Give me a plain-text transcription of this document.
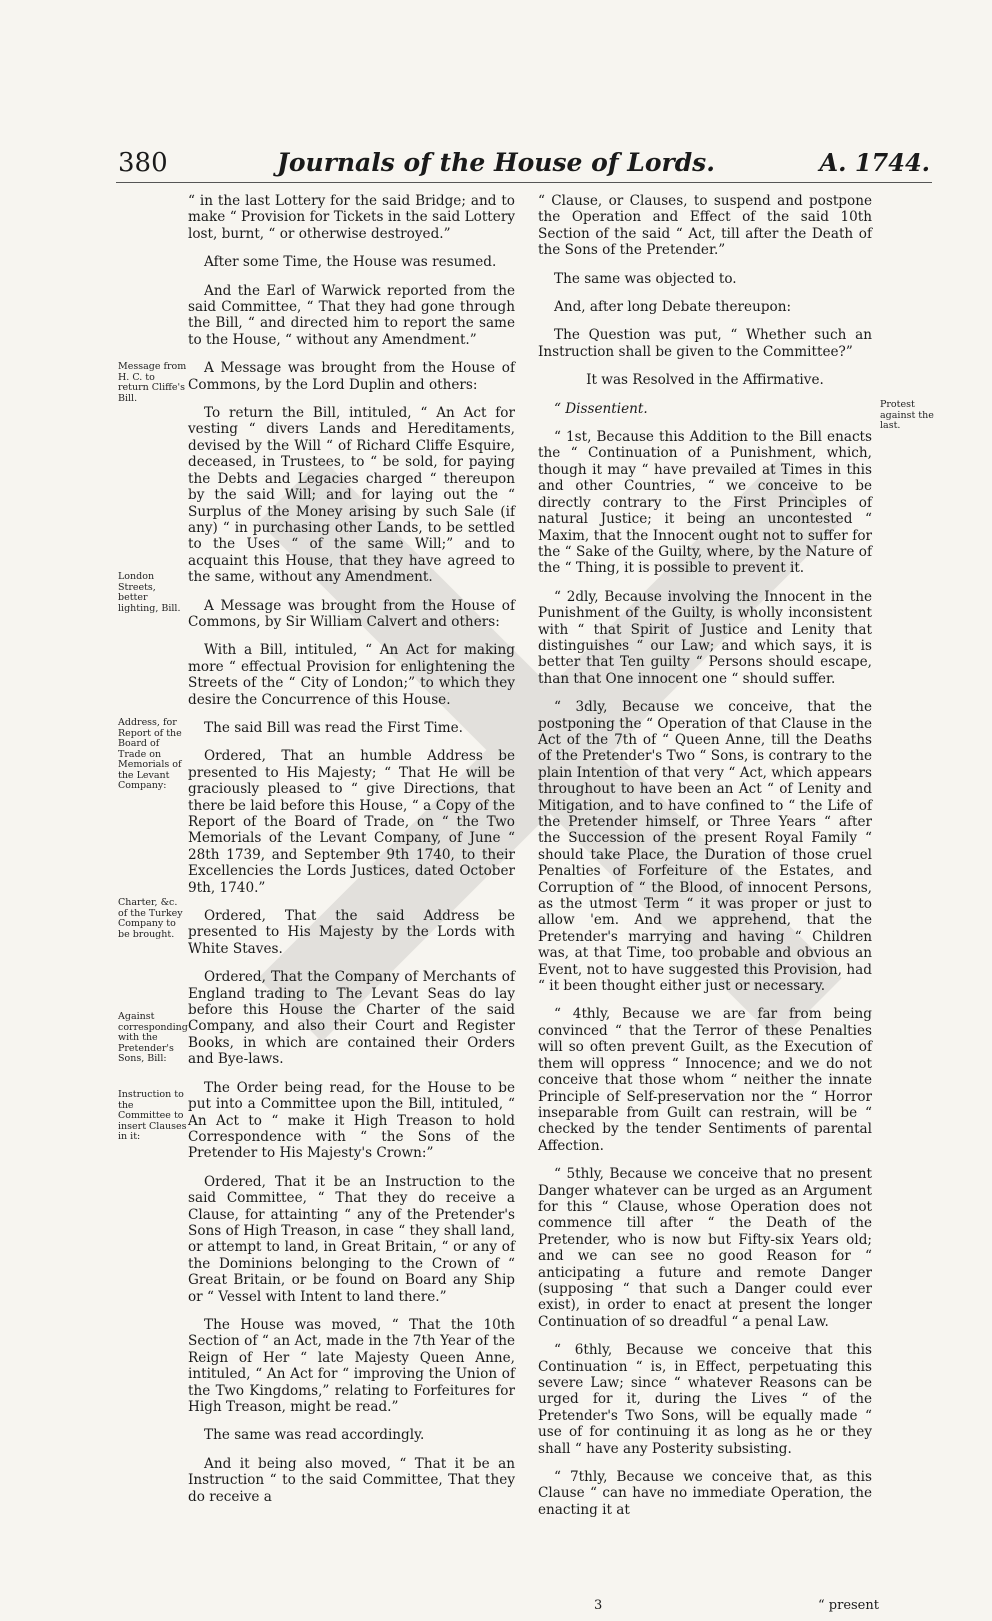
380	Journals of the House of Lords.	A. 1744.
Message from H. C. to return Cliffe's Bill.
London Streets, better lighting, Bill.
Address, for Report of the Board of Trade on Memorials of the Levant Company:
Charter, &c. of the Turkey Company to be brought.
Against corresponding with the Pretender's Sons, Bill:
Instruction to the Committee to insert Clauses in it:
Protest against the last.

“ in the last Lottery for the said Bridge; and to make “ Provision for Tickets in the said Lottery lost, burnt, “ or otherwise destroyed.”

After some Time, the House was resumed.

And the Earl of Warwick reported from the said Committee, “ That they had gone through the Bill, “ and directed him to report the same to the House, “ without any Amendment.”

A Message was brought from the House of Commons, by the Lord Duplin and others:

To return the Bill, intituled, “ An Act for vesting “ divers Lands and Hereditaments, devised by the Will “ of Richard Cliffe Esquire, deceased, in Trustees, to “ be sold, for paying the Debts and Legacies charged “ thereupon by the said Will; and for laying out the “ Surplus of the Money arising by such Sale (if any) “ in purchasing other Lands, to be settled to the Uses “ of the same Will;” and to acquaint this House, that they have agreed to the same, without any Amendment.

A Message was brought from the House of Commons, by Sir William Calvert and others:

With a Bill, intituled, “ An Act for making more “ effectual Provision for enlightening the Streets of the “ City of London;” to which they desire the Concurrence of this House.

The said Bill was read the First Time.

Ordered, That an humble Address be presented to His Majesty; “ That He will be graciously pleased to “ give Directions, that there be laid before this House, “ a Copy of the Report of the Board of Trade, on “ the Two Memorials of the Levant Company, of June “ 28th 1739, and September 9th 1740, to their Excellencies the Lords Justices, dated October 9th, 1740.”

Ordered, That the said Address be presented to His Majesty by the Lords with White Staves.

Ordered, That the Company of Merchants of England trading to The Levant Seas do lay before this House the Charter of the said Company, and also their Court and Register Books, in which are contained their Orders and Bye-laws.

The Order being read, for the House to be put into a Committee upon the Bill, intituled, “ An Act to “ make it High Treason to hold Correspondence with “ the Sons of the Pretender to His Majesty's Crown:”

Ordered, That it be an Instruction to the said Committee, “ That they do receive a Clause, for attainting “ any of the Pretender's Sons of High Treason, in case “ they shall land, or attempt to land, in Great Britain, “ or any of the Dominions belonging to the Crown of “ Great Britain, or be found on Board any Ship or “ Vessel with Intent to land there.”

The House was moved, “ That the 10th Section of “ an Act, made in the 7th Year of the Reign of Her “ late Majesty Queen Anne, intituled, “ An Act for “ improving the Union of the Two Kingdoms,” relating to Forfeitures for High Treason, might be read.”

The same was read accordingly.

And it being also moved, “ That it be an Instruction “ to the said Committee, That they do receive a

“ Clause, or Clauses, to suspend and postpone the Operation and Effect of the said 10th Section of the said “ Act, till after the Death of the Sons of the Pretender.”

The same was objected to.

And, after long Debate thereupon:

The Question was put, “ Whether such an Instruction shall be given to the Committee?”

It was Resolved in the Affirmative.

“ Dissentient.

“ 1st, Because this Addition to the Bill enacts the “ Continuation of a Punishment, which, though it may “ have prevailed at Times in this and other Countries, “ we conceive to be directly contrary to the First Principles of natural Justice; it being an uncontested “ Maxim, that the Innocent ought not to suffer for the “ Sake of the Guilty, where, by the Nature of the “ Thing, it is possible to prevent it.

“ 2dly, Because involving the Innocent in the Punishment of the Guilty, is wholly inconsistent with “ that Spirit of Justice and Lenity that distinguishes “ our Law; and which says, it is better that Ten guilty “ Persons should escape, than that One innocent one “ should suffer.

“ 3dly, Because we conceive, that the postponing the “ Operation of that Clause in the Act of the 7th of “ Queen Anne, till the Deaths of the Pretender's Two “ Sons, is contrary to the plain Intention of that very “ Act, which appears throughout to have been an Act “ of Lenity and Mitigation, and to have confined to “ the Life of the Pretender himself, or Three Years “ after the Succession of the present Royal Family “ should take Place, the Duration of those cruel Penalties of Forfeiture of the Estates, and Corruption of “ the Blood, of innocent Persons, as the utmost Term “ it was proper or just to allow 'em. And we apprehend, that the Pretender's marrying and having “ Children was, at that Time, too probable and obvious an Event, not to have suggested this Provision, had “ it been thought either just or necessary.

“ 4thly, Because we are far from being convinced “ that the Terror of these Penalties will so often prevent Guilt, as the Execution of them will oppress “ Innocence; and we do not conceive that those whom “ neither the innate Principle of Self-preservation nor the “ Horror inseparable from Guilt can restrain, will be “ checked by the tender Sentiments of parental Affection.

“ 5thly, Because we conceive that no present Danger whatever can be urged as an Argument for this “ Clause, whose Operation does not commence till after “ the Death of the Pretender, who is now but Fifty-six Years old; and we can see no good Reason for “ anticipating a future and remote Danger (supposing “ that such a Danger could ever exist), in order to enact at present the longer Continuation of so dreadful “ a penal Law.

“ 6thly, Because we conceive that this Continuation “ is, in Effect, perpetuating this severe Law; since “ whatever Reasons can be urged for it, during the Lives “ of the Pretender's Two Sons, will be equally made “ use of for continuing it as long as he or they shall “ have any Posterity subsisting.

“ 7thly, Because we conceive that, as this Clause “ can have no immediate Operation, the enacting it at

3	“ present
